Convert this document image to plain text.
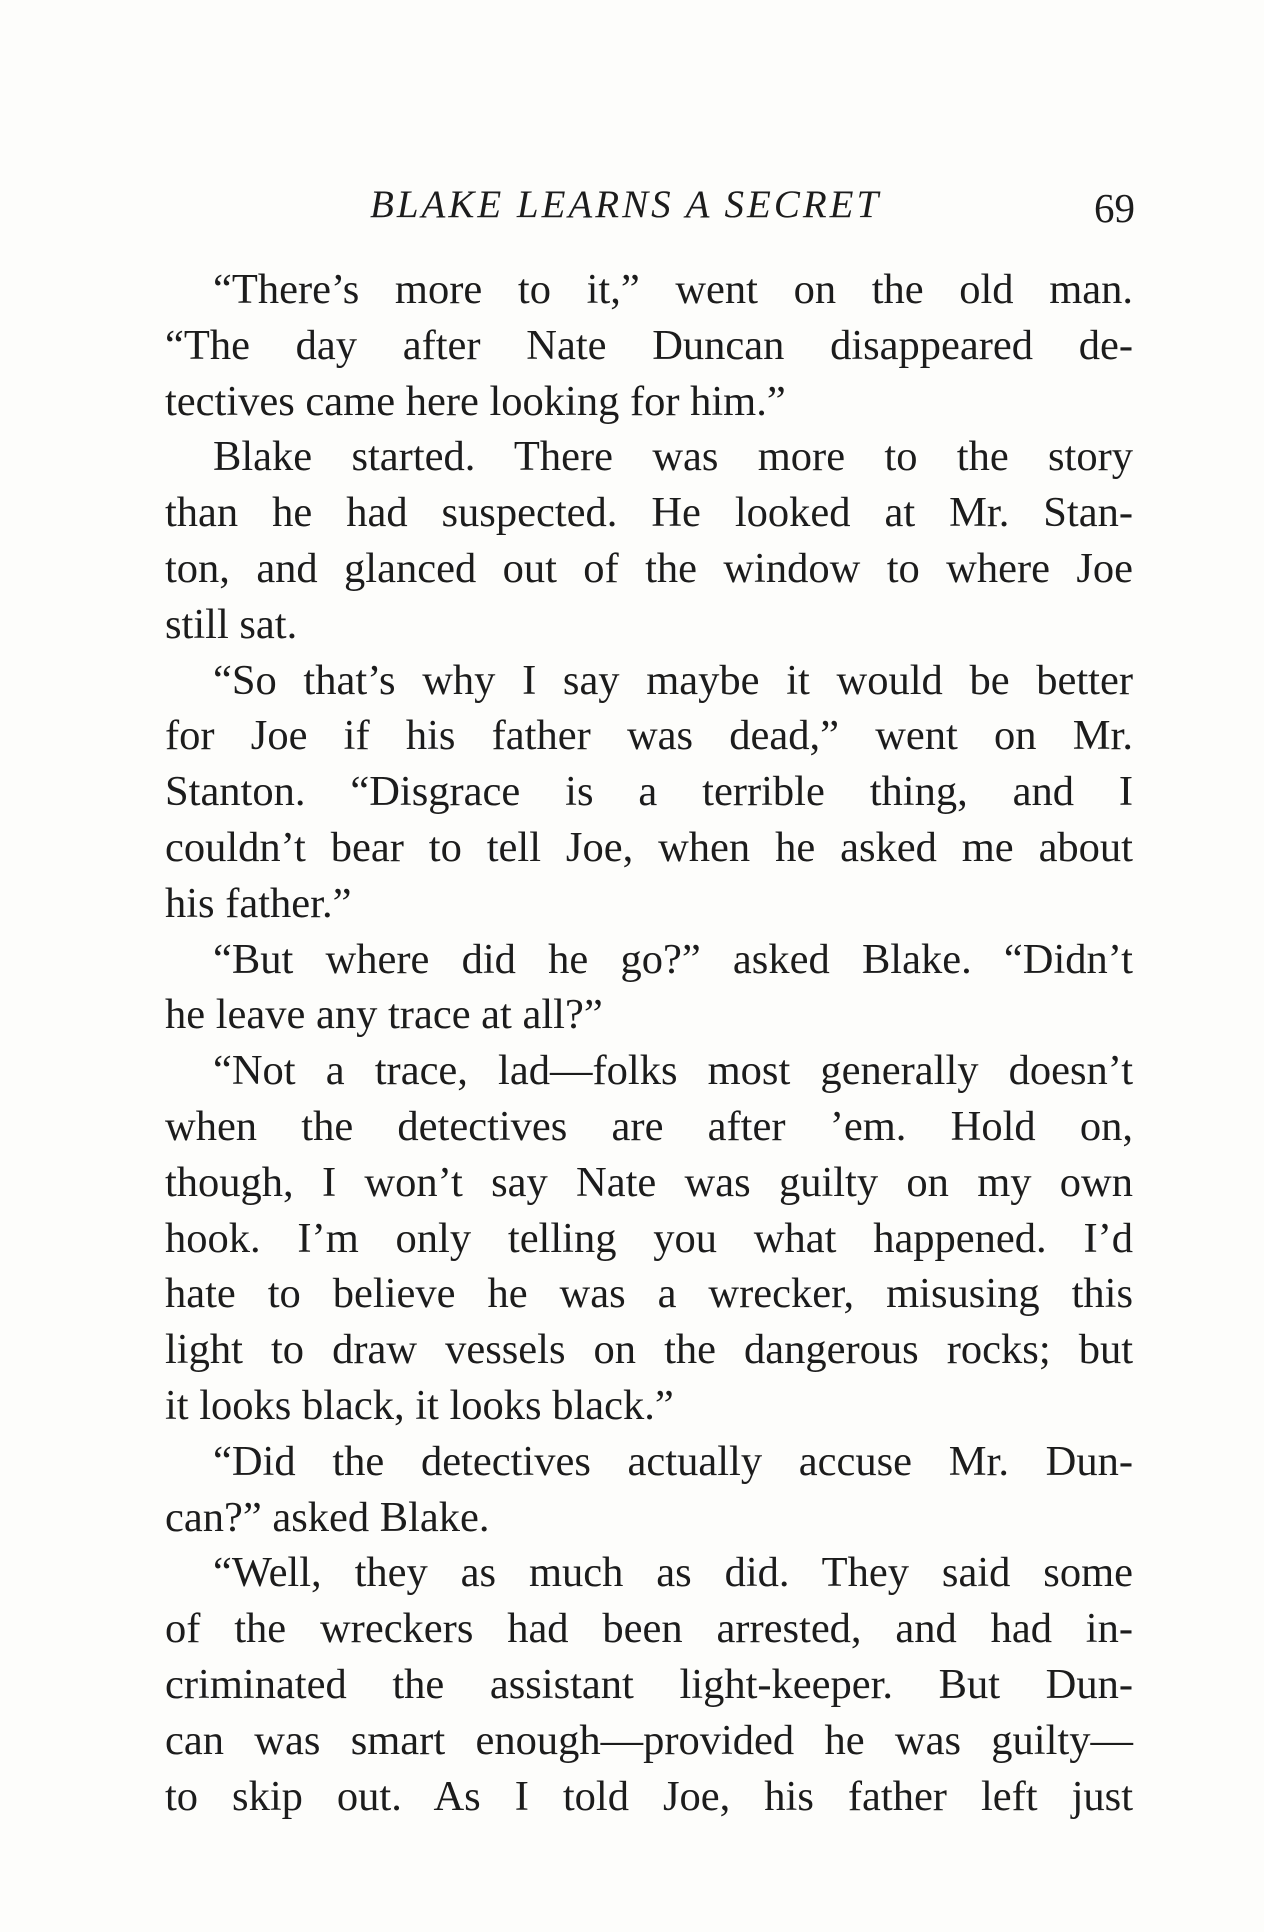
BLAKE LEARNS A SECRET	69
“There’s more to it,” went on the old man.
“The day after Nate Duncan disappeared de-
tectives came here looking for him.”
Blake started. There was more to the story
than he had suspected. He looked at Mr. Stan-
ton, and glanced out of the window to where Joe
still sat.
“So that’s why I say maybe it would be better
for Joe if his father was dead,” went on Mr.
Stanton. “Disgrace is a terrible thing, and I
couldn’t bear to tell Joe, when he asked me about
his father.”
“But where did he go?” asked Blake. “Didn’t
he leave any trace at all?”
“Not a trace, lad—folks most generally doesn’t
when the detectives are after ’em. Hold on,
though, I won’t say Nate was guilty on my own
hook. I’m only telling you what happened. I’d
hate to believe he was a wrecker, misusing this
light to draw vessels on the dangerous rocks; but
it looks black, it looks black.”
“Did the detectives actually accuse Mr. Dun-
can?” asked Blake.
“Well, they as much as did. They said some
of the wreckers had been arrested, and had in-
criminated the assistant light-keeper. But Dun-
can was smart enough—provided he was guilty—
to skip out. As I told Joe, his father left just
